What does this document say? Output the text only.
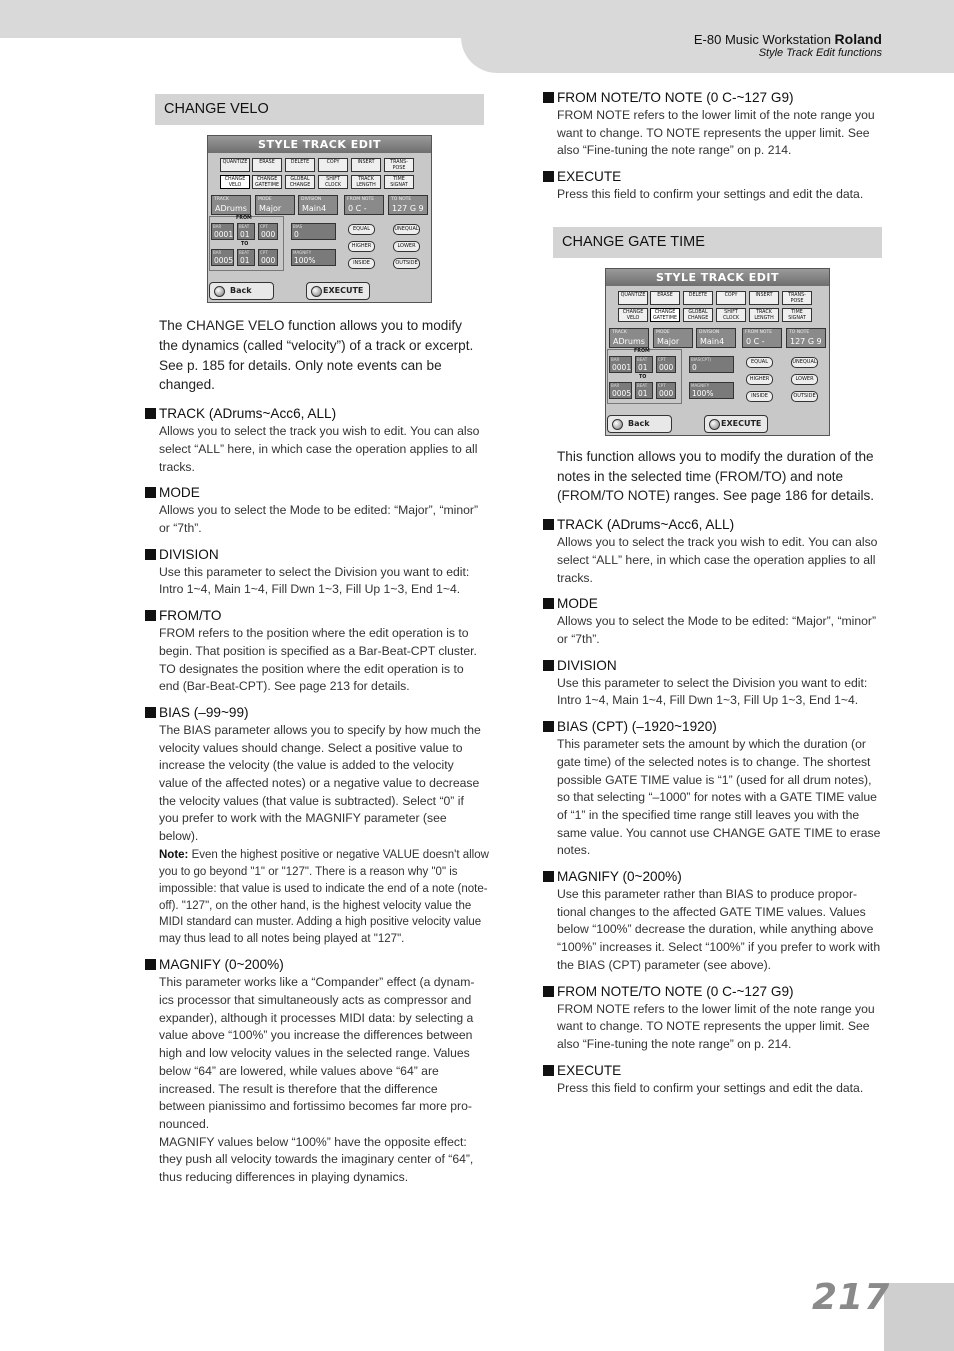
E-80 Music Workstation Roland
Style Track Edit functions
CHANGE VELO
STYLE TRACK EDIT
QUANTIZE	ERASE	DELETE	COPY	INSERT	TRANS-
POSE
CHANGE
VELO
CHANGE
GATETIME
GLOBAL
CHANGE
SHIFT
CLOCK
TRACK
LENGTH
TIME
SIGNAT
TRACK
ADrums
MODE
Major
DIVISION
Main4
FROM NOTE
0 C -
TO NOTE
127 G 9
FROM
BAR
0001
BEAT
01
CPT
000
TO
BAR
0005
BEAT
01
CPT
000
BIAS
0
MAGNIFY
100%
EQUAL	UNEQUAL
HIGHER	LOWER
INSIDE	OUTSIDE
Back	EXECUTE

The CHANGE VELO function allows you to modify the dynamics (called “velocity”) of a track or excerpt. See p. 185 for details. Only note events can be changed.

TRACK (ADrums~Acc6, ALL)
Allows you to select the track you wish to edit. You can also select “ALL” here, in which case the operation applies to all tracks.
MODE
Allows you to select the Mode to be edited: “Major”, “minor” or “7th”.
DIVISION
Use this parameter to select the Division you want to edit: Intro 1~4, Main 1~4, Fill Dwn 1~3, Fill Up 1~3, End 1~4.
FROM/TO
FROM refers to the position where the edit operation is to begin. That position is specified as a Bar-Beat-CPT cluster. TO designates the position where the edit operation is to end (Bar-Beat-CPT). See page 213 for details.
BIAS (–99~99)
The BIAS parameter allows you to specify by how much the velocity values should change. Select a positive value to increase the velocity (the value is added to the velocity value of the affected notes) or a negative value to decrease the velocity values (that value is subtracted). Select “0” if you prefer to work with the MAGNIFY parameter (see below).
Note: Even the highest positive or negative VALUE doesn't allow you to go beyond "1" or "127". There is a reason why "0" is impossible: that value is used to indicate the end of a note (note-off). "127", on the other hand, is the highest velocity value the MIDI standard can muster. Adding a high positive velocity value may thus lead to all notes being played at "127".
MAGNIFY (0~200%)
This parameter works like a “Compander” effect (a dynam-ics processor that simultaneously acts as compressor and expander), although it processes MIDI data: by selecting a value above “100%” you increase the differences between high and low velocity values in the selected range. Values below “64” are lowered, while values above “64” are increased. The result is therefore that the difference between pianissimo and fortissimo becomes far more pro-nounced.
MAGNIFY values below “100%” have the opposite effect: they push all velocity towards the imaginary center of “64”, thus reducing differences in playing dynamics.
FROM NOTE/TO NOTE (0 C-~127 G9)
FROM NOTE refers to the lower limit of the note range you want to change. TO NOTE represents the upper limit. See also “Fine-tuning the note range” on p. 214.
EXECUTE
Press this field to confirm your settings and edit the data.
CHANGE GATE TIME
STYLE TRACK EDIT
QUANTIZE	ERASE	DELETE	COPY	INSERT	TRANS-
POSE
CHANGE
VELO
CHANGE
GATETIME
GLOBAL
CHANGE
SHIFT
CLOCK
TRACK
LENGTH
TIME
SIGNAT
TRACK
ADrums
MODE
Major
DIVISION
Main4
FROM NOTE
0 C -
TO NOTE
127 G 9
FROM
BAR
0001
BEAT
01
CPT
000
TO
BAR
0005
BEAT
01
CPT
000
BIAS(CPT)
0
MAGNIFY
100%
EQUAL	UNEQUAL
HIGHER	LOWER
INSIDE	OUTSIDE
Back	EXECUTE

This function allows you to modify the duration of the notes in the selected time (FROM/TO) and note (FROM/TO NOTE) ranges. See page 186 for details.

TRACK (ADrums~Acc6, ALL)
Allows you to select the track you wish to edit. You can also select “ALL” here, in which case the operation applies to all tracks.
MODE
Allows you to select the Mode to be edited: “Major”, “minor” or “7th”.
DIVISION
Use this parameter to select the Division you want to edit: Intro 1~4, Main 1~4, Fill Dwn 1~3, Fill Up 1~3, End 1~4.
BIAS (CPT) (–1920~1920)
This parameter sets the amount by which the duration (or gate time) of the selected notes is to change. The shortest possible GATE TIME value is “1” (used for all drum notes), so that selecting “–1000” for notes with a GATE TIME value of “1” in the specified time range still leaves you with the same value. You cannot use CHANGE GATE TIME to erase notes.
MAGNIFY (0~200%)
Use this parameter rather than BIAS to produce propor-tional changes to the affected GATE TIME values. Values below “100%” decrease the duration, while anything above “100%” increases it. Select “100%” if you prefer to work with the BIAS (CPT) parameter (see above).
FROM NOTE/TO NOTE (0 C-~127 G9)
FROM NOTE refers to the lower limit of the note range you want to change. TO NOTE represents the upper limit. See also “Fine-tuning the note range” on p. 214.
EXECUTE
Press this field to confirm your settings and edit the data.
217
